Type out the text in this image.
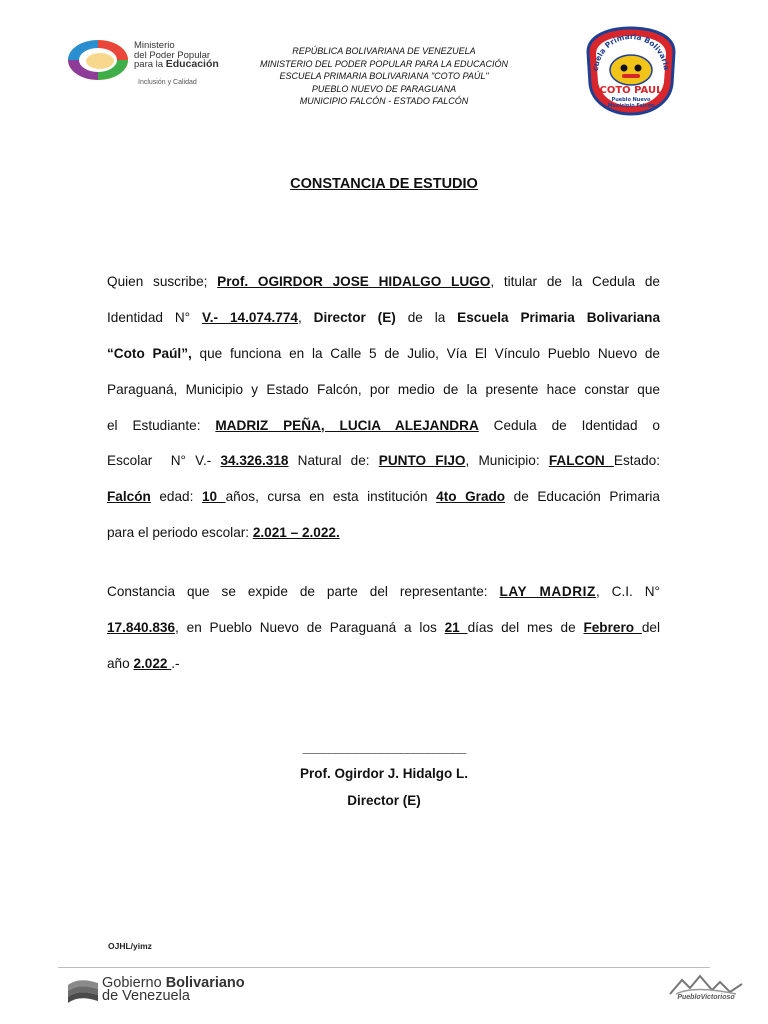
Ministerio
del Poder Popular
para la Educación
Inclusión y Calidad
REPÚBLICA BOLIVARIANA DE VENEZUELA
MINISTERIO DEL PODER POPULAR PARA LA EDUCACIÓN
ESCUELA PRIMARIA BOLIVARIANA "COTO PAÚL"
PUEBLO NUEVO DE PARAGUANA
MUNICIPIO FALCÓN - ESTADO FALCÓN
cuela Primaria Bolivaria
COTO PAUL
Pueblo Nuevo
Municipio Falcón
CONSTANCIA DE ESTUDIO
Quien suscribe; Prof. OGIRDOR JOSE HIDALGO LUGO, titular de la Cedula de
Identidad N° V.- 14.074.774, Director (E) de la Escuela Primaria Bolivariana
“Coto Paúl”, que funciona en la Calle 5 de Julio, Vía El Vínculo Pueblo Nuevo de
Paraguaná, Municipio y Estado Falcón, por medio de la presente hace constar que
el Estudiante: MADRIZ PEÑA, LUCIA ALEJANDRA Cedula de Identidad o
Escolar  N° V.- 34.326.318 Natural de: PUNTO FIJO, Municipio: FALCON Estado:
Falcón edad: 10 años, cursa en esta institución 4to Grado de Educación Primaria
para el periodo escolar: 2.021 – 2.022.
Constancia que se expide de parte del representante: LAY MADRIZ, C.I. N°
17.840.836, en Pueblo Nuevo de Paraguaná a los 21 días del mes de Febrero del
año 2.022 .-
_________________________
Prof. Ogirdor J. Hidalgo L.
Director (E)
OJHL/yimz
Gobierno Bolivariano
de Venezuela	PuebloVictorioso
